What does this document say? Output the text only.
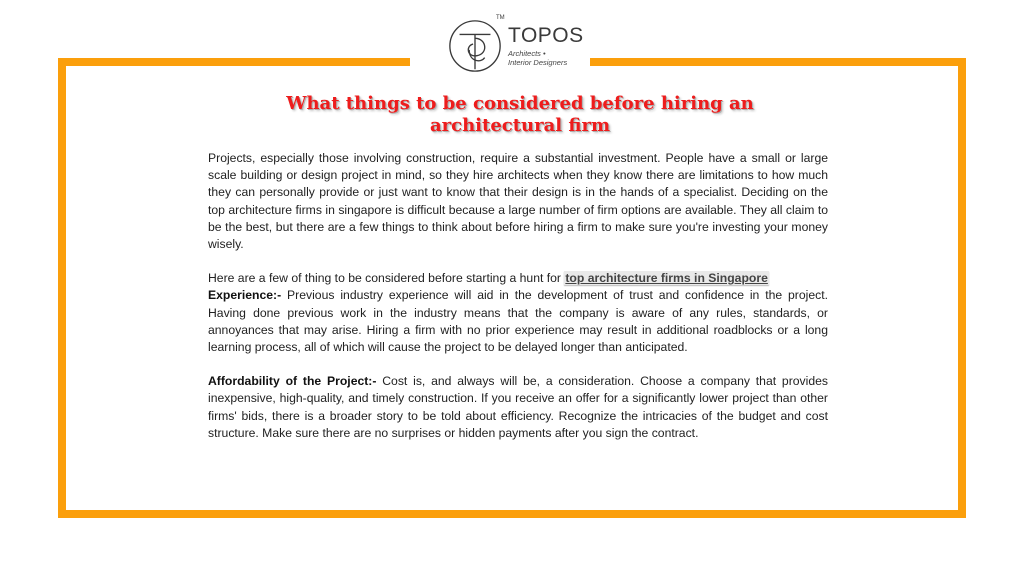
TOPOS
Architects •
Interior Designers
TM
What things to be considered before hiring an
architectural firm

Projects, especially those involving construction, require a substantial investment. People have a small or large scale building or design project in mind, so they hire architects when they know there are limitations to how much they can personally provide or just want to know that their design is in the hands of a specialist. Deciding on the top architecture firms in singapore is difficult because a large number of firm options are available. They all claim to be the best, but there are a few things to think about before hiring a firm to make sure you're investing your money wisely.

Here are a few of thing to be considered before starting a hunt for top architecture firms in Singapore

Experience:- Previous industry experience will aid in the development of trust and confidence in the project. Having done previous work in the industry means that the company is aware of any rules, standards, or annoyances that may arise. Hiring a firm with no prior experience may result in additional roadblocks or a long learning process, all of which will cause the project to be delayed longer than anticipated.

Affordability of the Project:- Cost is, and always will be, a consideration. Choose a company that provides inexpensive, high-quality, and timely construction. If you receive an offer for a significantly lower project than other firms' bids, there is a broader story to be told about efficiency. Recognize the intricacies of the budget and cost structure. Make sure there are no surprises or hidden payments after you sign the contract.
